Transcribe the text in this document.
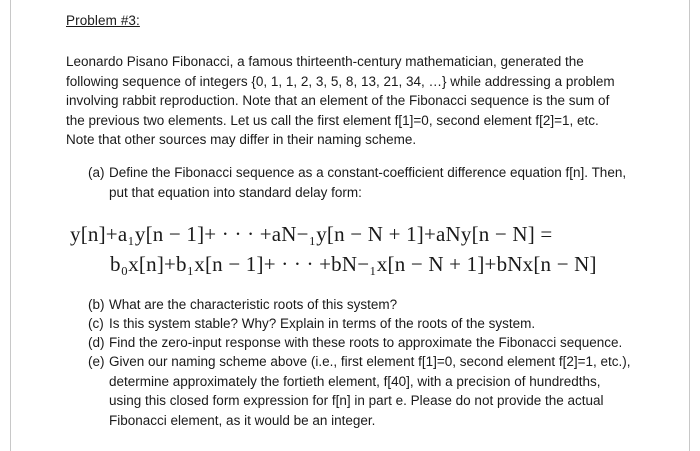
Problem #3:
Leonardo Pisano Fibonacci, a famous thirteenth-century mathematician, generated the
following sequence of integers {0, 1, 1, 2, 3, 5, 8, 13, 21, 34, …} while addressing a problem
involving rabbit reproduction. Note that an element of the Fibonacci sequence is the sum of
the previous two elements. Let us call the first element f[1]=0, second element f[2]=1, etc.
Note that other sources may differ in their naming scheme.
(a) Define the Fibonacci sequence as a constant-coefficient difference equation f[n]. Then,
put that equation into standard delay form:
y[n]+a₁y[n − 1]+ · · · +aN−₁y[n − N + 1]+aNy[n − N] =
b₀x[n]+b₁x[n − 1]+ · · · +bN−₁x[n − N + 1]+bNx[n − N]
(b) What are the characteristic roots of this system?
(c) Is this system stable? Why? Explain in terms of the roots of the system.
(d) Find the zero-input response with these roots to approximate the Fibonacci sequence.
(e) Given our naming scheme above (i.e., first element f[1]=0, second element f[2]=1, etc.),
determine approximately the fortieth element, f[40], with a precision of hundredths,
using this closed form expression for f[n] in part e. Please do not provide the actual
Fibonacci element, as it would be an integer.
